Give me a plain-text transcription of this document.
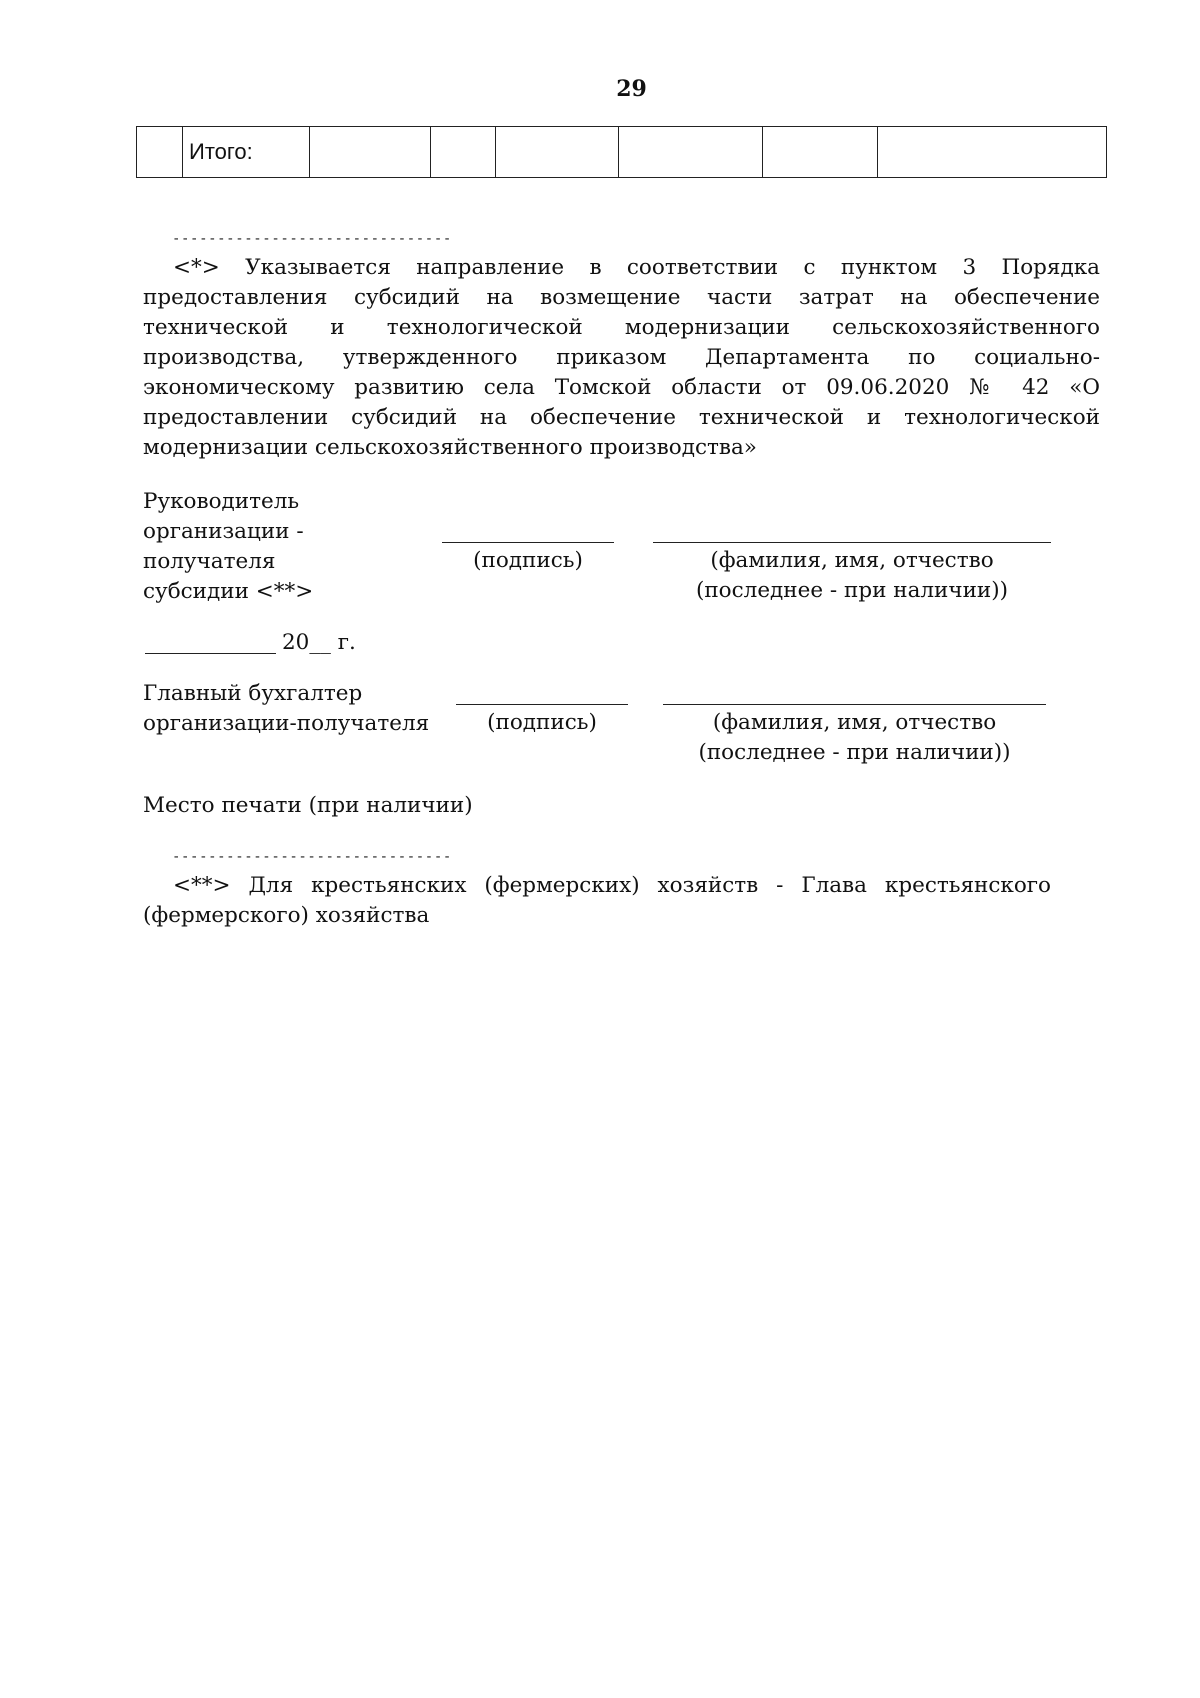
29
	Итого:						
-------------------------------

<*> Указывается направление в соответствии с пунктом 3 Порядка предоставления субсидий на возмещение части затрат на обеспечение технической и технологической модернизации сельскохозяйственного производства, утвержденного приказом Департамента по социально-экономическому развитию села Томской области от 09.06.2020 № 42 «О предоставлении субсидий на обеспечение технической и технологической модернизации сельскохозяйственного производства»

Руководитель
организации -
получателя
субсидии <**>
(подпись)	(фамилия, имя, отчество
(последнее - при наличии))
20__ г.
Главный бухгалтер
организации-получателя	(подпись)	(фамилия, имя, отчество
(последнее - при наличии))
Место печати (при наличии)
-------------------------------

<**> Для крестьянских (фермерских) хозяйств - Глава крестьянского (фермерского) хозяйства
